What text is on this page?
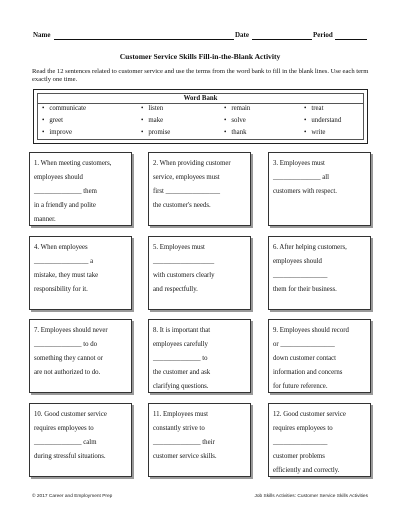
Name	Date	Period
Customer Service Skills Fill-in-the-Blank Activity
Read the 12 sentences related to customer service and use the terms from the word bank to fill in the blank lines. Use each term exactly one time.
Word Bank
• communicate	• listen	• remain	• treat
• greet	• make	• solve	• understand
• improve	• promise	• thank	• write
1. When meeting customers,
employees should
______________ them
in a friendly and polite
manner.
2. When providing customer
service, employees must
first ________________
the customer's needs.
3. Employees must
______________ all
customers with respect.
4. When employees
________________ a
mistake, they must take
responsibility for it.
5. Employees must
__________________
with customers clearly
and respectfully.
6. After helping customers,
employees should
________________
them for their business.
7. Employees should never
______________ to do
something they cannot or
are not authorized to do.
8. It is important that
employees carefully
______________ to
the customer and ask
clarifying questions.
9. Employees should record
or ________________
down customer contact
information and concerns
for future reference.
10. Good customer service
requires employees to
______________ calm
during stressful situations.
11. Employees must
constantly strive to
______________ their
customer service skills.
12. Good customer service
requires employees to
________________
customer problems
efficiently and correctly.
© 2017 Career and Employment Prep	Job Skills Activities: Customer Service Skills Activities
